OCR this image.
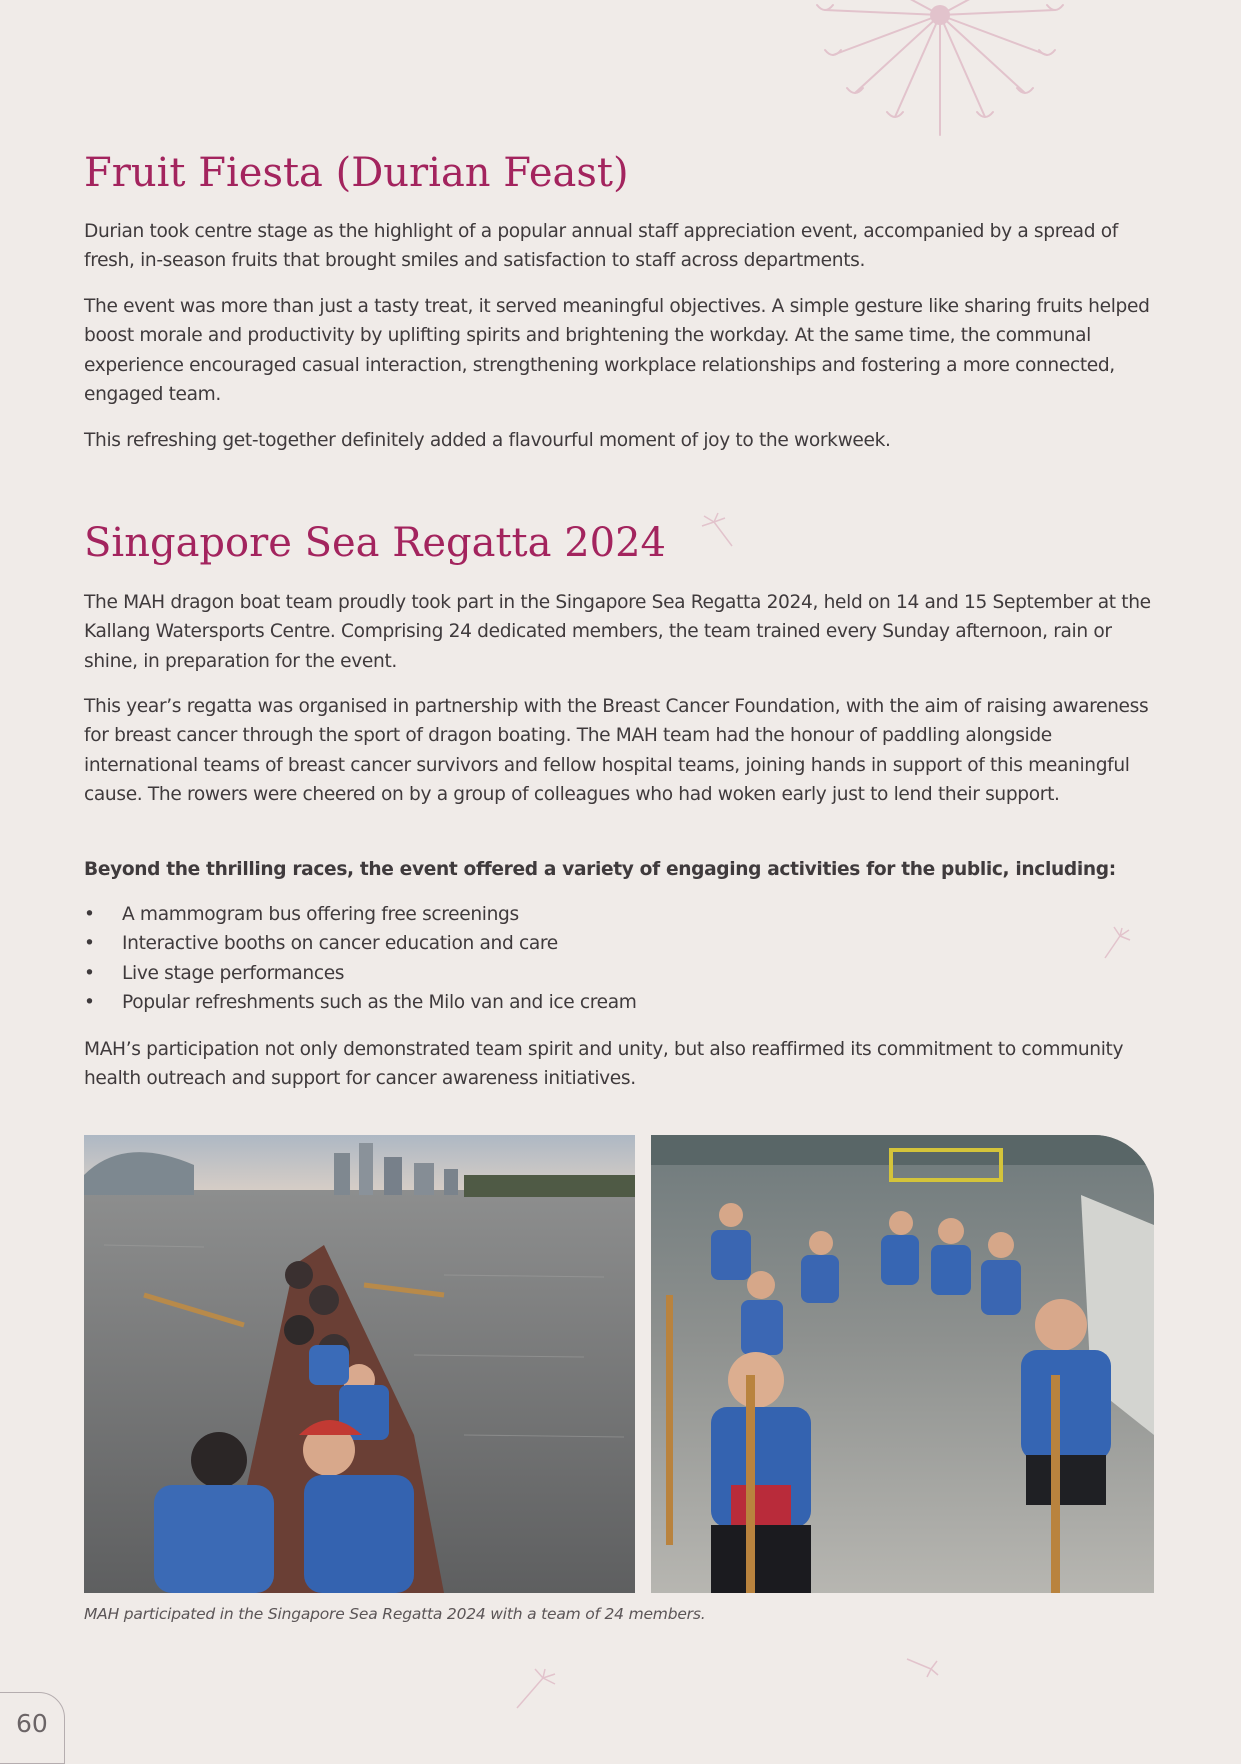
Fruit Fiesta (Durian Feast)

Durian took centre stage as the highlight of a popular annual staff appreciation event, accompanied by a spread of fresh, in-season fruits that brought smiles and satisfaction to staff across departments.

The event was more than just a tasty treat, it served meaningful objectives. A simple gesture like sharing fruits helped boost morale and productivity by uplifting spirits and brightening the workday. At the same time, the communal experience encouraged casual interaction, strengthening workplace relationships and fostering a more connected, engaged team.

This refreshing get-together definitely added a flavourful moment of joy to the workweek.

Singapore Sea Regatta 2024

The MAH dragon boat team proudly took part in the Singapore Sea Regatta 2024, held on 14 and 15 September at the Kallang Watersports Centre. Comprising 24 dedicated members, the team trained every Sunday afternoon, rain or shine, in preparation for the event.

This year’s regatta was organised in partnership with the Breast Cancer Foundation, with the aim of raising awareness for breast cancer through the sport of dragon boating. The MAH team had the honour of paddling alongside international teams of breast cancer survivors and fellow hospital teams, joining hands in support of this meaningful cause. The rowers were cheered on by a group of colleagues who had woken early just to lend their support.

Beyond the thrilling races, the event offered a variety of engaging activities for the public, including:

• A mammogram bus offering free screenings
• Interactive booths on cancer education and care
• Live stage performances
• Popular refreshments such as the Milo van and ice cream

MAH’s participation not only demonstrated team spirit and unity, but also reaffirmed its commitment to community health outreach and support for cancer awareness initiatives.

MAH participated in the Singapore Sea Regatta 2024 with a team of 24 members.

60
